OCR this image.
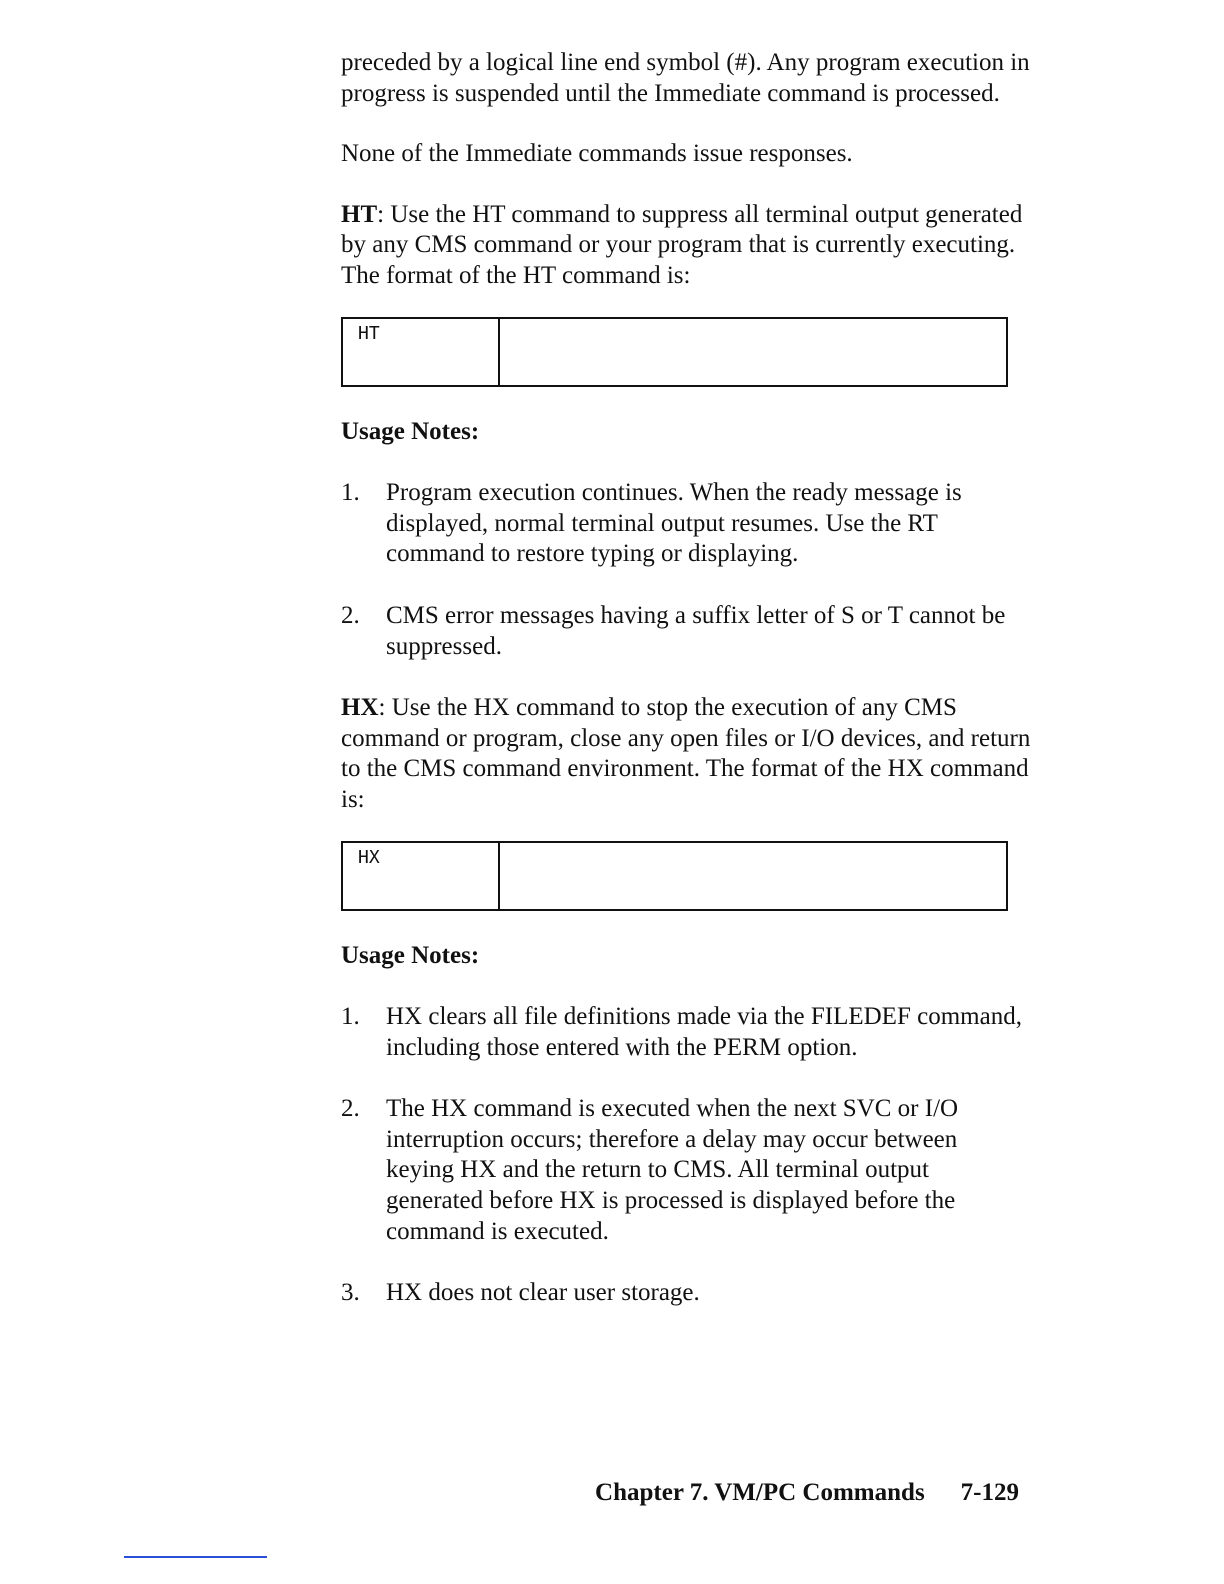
preceded by a logical line end symbol (#). Any program execution in progress is suspended until the Immediate command is processed.

None of the Immediate commands issue responses.

HT: Use the HT command to suppress all terminal output generated by any CMS command or your program that is currently executing. The format of the HT command is:

HT

Usage Notes:

1.	Program execution continues. When the ready message is displayed, normal terminal output resumes. Use the RT command to restore typing or displaying.
2.	CMS error messages having a suffix letter of S or T cannot be suppressed.

HX: Use the HX command to stop the execution of any CMS command or program, close any open files or I/O devices, and return to the CMS command environment. The format of the HX command is:

HX

Usage Notes:

1.	HX clears all file definitions made via the FILEDEF command, including those entered with the PERM option.
2.	The HX command is executed when the next SVC or I/O interruption occurs; therefore a delay may occur between keying HX and the return to CMS. All terminal output generated before HX is processed is displayed before the command is executed.
3.	HX does not clear user storage.
Chapter 7. VM/PC Commands 7-129
